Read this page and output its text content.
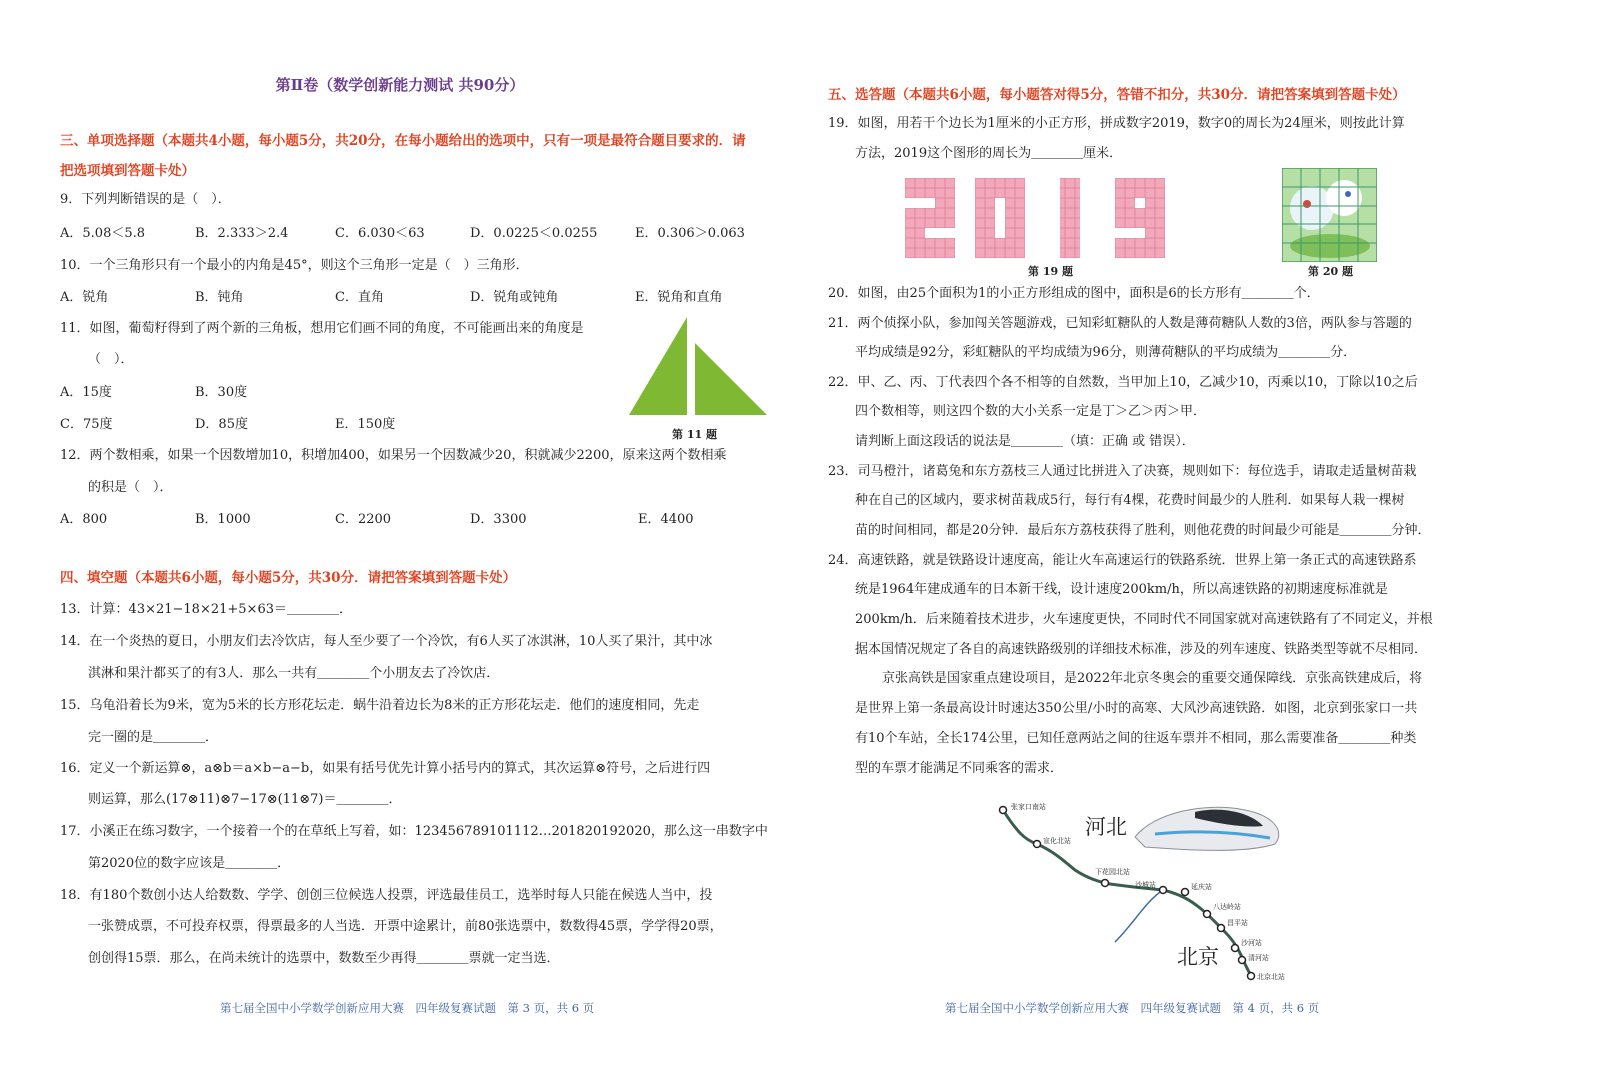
第Ⅱ卷（数学创新能力测试 共90分）
三、单项选择题（本题共4小题，每小题5分，共20分，在每小题给出的选项中，只有一项是最符合题目要求的．请
把选项填到答题卡处）
9．下列判断错误的是（　）．
A．5.08＜5.8	B．2.333＞2.4	C．6.030＜63	D．0.0225＜0.0255	E．0.306＞0.063
10．一个三角形只有一个最小的内角是45°，则这个三角形一定是（　）三角形．
A．锐角	B．钝角	C．直角	D．锐角或钝角	E．锐角和直角
11．如图，葡萄籽得到了两个新的三角板，想用它们画不同的角度，不可能画出来的角度是
（　）．
A．15度	B．30度
C．75度	D．85度	E．150度
第 11 题
12．两个数相乘，如果一个因数增加10，积增加400，如果另一个因数减少20，积就减少2200，原来这两个数相乘
的积是（　）．
A．800	B．1000	C．2200	D．3300	E．4400
四、填空题（本题共6小题，每小题5分，共30分．请把答案填到答题卡处）
13．计算：43×21−18×21+5×63＝＿＿＿＿．
14．在一个炎热的夏日，小朋友们去冷饮店，每人至少要了一个冷饮，有6人买了冰淇淋，10人买了果汁，其中冰
淇淋和果汁都买了的有3人．那么一共有＿＿＿＿个小朋友去了冷饮店．
15．乌龟沿着长为9米，宽为5米的长方形花坛走．蜗牛沿着边长为8米的正方形花坛走．他们的速度相同，先走
完一圈的是＿＿＿＿．
16．定义一个新运算⊗，a⊗b＝a×b−a−b，如果有括号优先计算小括号内的算式，其次运算⊗符号，之后进行四
则运算，那么(17⊗11)⊗7−17⊗(11⊗7)＝＿＿＿＿．
17．小溪正在练习数字，一个接着一个的在草纸上写着，如：123456789101112…201820192020，那么这一串数字中
第2020位的数字应该是＿＿＿＿．
18．有180个数创小达人给数数、学学、创创三位候选人投票，评选最佳员工，选举时每人只能在候选人当中，投
一张赞成票，不可投弃权票，得票最多的人当选．开票中途累计，前80张选票中，数数得45票，学学得20票，
创创得15票．那么，在尚未统计的选票中，数数至少再得＿＿＿＿票就一定当选．
第七届全国中小学数学创新应用大赛　四年级复赛试题　第 3 页，共 6 页
五、选答题（本题共6小题，每小题答对得5分，答错不扣分，共30分．请把答案填到答题卡处）
19．如图，用若干个边长为1厘米的小正方形，拼成数字2019，数字0的周长为24厘米，则按此计算
方法，2019这个图形的周长为＿＿＿＿厘米．
第 19 题	第 20 题
20．如图，由25个面积为1的小正方形组成的图中，面积是6的长方形有＿＿＿＿个．
21．两个侦探小队，参加闯关答题游戏，已知彩虹糖队的人数是薄荷糖队人数的3倍，两队参与答题的
平均成绩是92分，彩虹糖队的平均成绩为96分，则薄荷糖队的平均成绩为＿＿＿＿分．
22．甲、乙、丙、丁代表四个各不相等的自然数，当甲加上10，乙减少10，丙乘以10，丁除以10之后
四个数相等，则这四个数的大小关系一定是丁＞乙＞丙＞甲．
请判断上面这段话的说法是＿＿＿＿（填：正确 或 错误）．
23．司马橙汁，诸葛兔和东方荔枝三人通过比拼进入了决赛，规则如下：每位选手，请取走适量树苗栽
种在自己的区域内，要求树苗栽成5行，每行有4棵，花费时间最少的人胜利．如果每人栽一棵树
苗的时间相同，都是20分钟．最后东方荔枝获得了胜利，则他花费的时间最少可能是＿＿＿＿分钟．
24．高速铁路，就是铁路设计速度高，能让火车高速运行的铁路系统．世界上第一条正式的高速铁路系
统是1964年建成通车的日本新干线，设计速度200km/h，所以高速铁路的初期速度标准就是
200km/h．后来随着技术进步，火车速度更快，不同时代不同国家就对高速铁路有了不同定义，并根
据本国情况规定了各自的高速铁路级别的详细技术标准，涉及的列车速度、铁路类型等就不尽相同．
京张高铁是国家重点建设项目，是2022年北京冬奥会的重要交通保障线．京张高铁建成后，将
是世界上第一条最高设计时速达350公里/小时的高寒、大风沙高速铁路．如图，北京到张家口一共
有10个车站，全长174公里，已知任意两站之间的往返车票并不相同，那么需要准备＿＿＿＿种类
型的车票才能满足不同乘客的需求．
河北
北京
张家口南站
宣化北站
下花园北站
沙城站	延庆站
八达岭站
昌平站
沙河站
清河站
北京北站
第七届全国中小学数学创新应用大赛　四年级复赛试题　第 4 页，共 6 页
